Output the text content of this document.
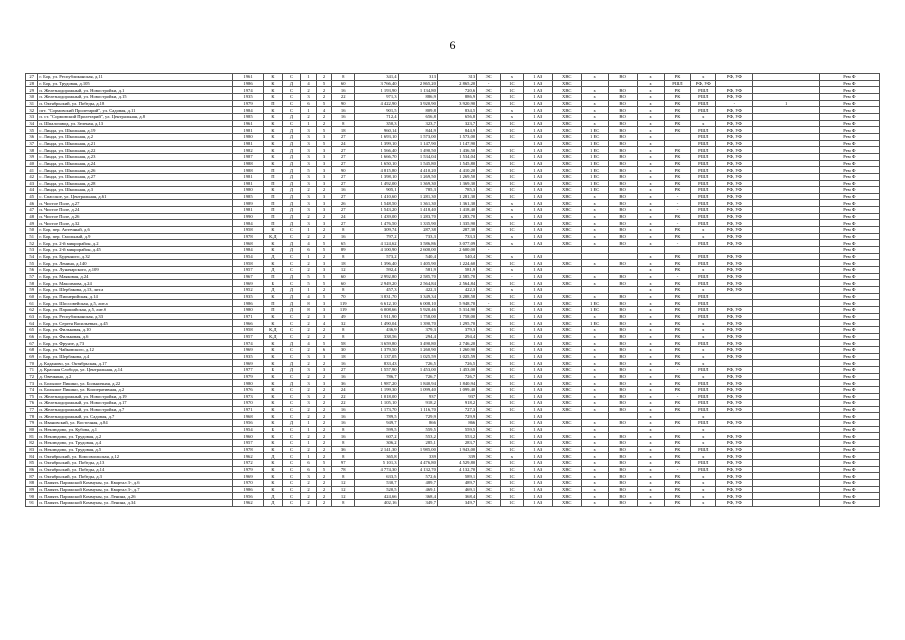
6
27	г. Бор, ул. Республиканская, д.11	1961	К	С	1	2	8	341,4	313	313	ЭС	х	1 АЗ	ХВС	х	ВО	х	РК	х	РФ, УФ		Рем Ф
28	г. Бор, ул. Трудовая, д.105	1986	К	Д	4	5	60	3 766,40	2 865,20	2 865,20	-	1С	1 АЗ	ХВС			х	РШЛ	РФ, УФ			Рем Ф
29	п. Железнодорожный, ул. Новостройки, д.1	1974	К	С	2	2	16	1 193,90	1 134,80	720,6	ЭС	1С	1 АЗ	ХВС	х	ВО	х	РК	РШЛ	РФ, УФ		Рем Ф
30	п. Железнодорожный, ул. Новостройки, д.15	1935	К	С	3	2	22	971,3	886,9	886,9	ЭС	1С	1 АЗ	ХВС	х	ВО	х	РК	РШЛ	РФ, УФ		Рем Ф
31	п. Октябрьский, ул. Победы, д.18	1979	П	С	6	5	90	4 422,90	3 920,90	3 920,90	ЭС	1С	1 АЗ	ХВС	х	ВО	х	РК	РШЛ	-	1	Рем Ф
32	пгт. "Сормовский Пролетарий", ул. Садовая, д.11	1984	К	С	1	4	16	901,5	809,8	834,5	ЭС	х	1 АЗ	ХВС	х	ВО	х	РК	РШЛ	РФ, УФ		Рем Ф
33	п. ст. "Сормовский Пролетарий", ул. Центральная, д.8	1985	К	Д	2	2	16	712,4	656,8	656,8	ЭС	х	1 АЗ	ХВС	х	ВО	х	РК	х	РФ, УФ		Рем Ф
34	п. Шпалозавод, ул. Зеленая, д.13	1961	К	С	1	2	8	350,3	323,7	323,7	ЭС	1С	1 АЗ	ХВС	х	ВО	х	РК	х	РФ, УФ		Рем Ф
35	с. Линда, ул. Школьная, д.19	1981	К	Д	3	5	18	960,14	844,9	844,9	ЭС	1С	1 АЗ	ХВС	1 ЕС	ВО	х	РК	РШЛ	РФ, УФ		Рем Ф
36	с. Линда, ул. Школьная, д.2	1980	К	Д	3	3	27	1 693,10	1 573,00	1 573,00	ЭС	1С	1 АЗ	ХВС	1 ЕС	ВО	х		РШЛ	РФ, УФ		Рем Ф
37	с. Линда, ул. Школьная, д.21	1981	К	Д	3	5	24	1 399,10	1 147,90	1 147,90	ЭС		1 АЗ	ХВС	1 ЕС	ВО	х		РШЛ	РФ, УФ		Рем Ф
38	с. Линда, ул. Школьная, д.22	1982	К	Д	3	3	27	1 566,40	1 490,50	1 436,50	ЭС	1С	1 АЗ	ХВС	1 ЕС	ВО	х	РК	РШЛ	РФ, УФ		Рем Ф
39	с. Линда, ул. Школьная, д.23	1987	К	Д	3	3	27	1 666,70	1 534,04	1 534,04	ЭС	1С	1 АЗ	ХВС	1 ЕС	ВО	х	РК	РШЛ	РФ, УФ		Рем Ф
40	с. Линда, ул. Школьная, д.24	1988	К	Д	3	3	27	1 650,10	1 545,80	1 545,80	ЭС	1С	1 АЗ	ХВС	1 ЕС	ВО	х	РК	РШЛ	РФ, УФ		Рем Ф
41	с. Линда, ул. Школьная, д.26	1988	П	Д	5	3	90	4 815,80	4 410,20	4 410,20	ЭС	1С	1 АЗ	ХВС	1 ЕС	ВО	х	РК	РШЛ	РФ, УФ		Рем Ф
42	с. Линда, ул. Школьная, д.27	1981	П	Д	3	3	27	1 398,10	1 269,50	1 269,50	ЭС	1С	1 АЗ	ХВС	1 ЕС	ВО	х	РК	РШЛ	РФ, УФ		Рем Ф
43	с. Линда, ул. Школьная, д.28	1981	П	Д	3	3	27	1 492,00	1 369,30	1 369,30	ЭС	1С	1 АЗ	ХВС	1 ЕС	ВО	х	РК	РШЛ	РФ, УФ		Рем Ф
44	с. Линда, ул. Школьная, д.3	1980	К	Д	2	2	16	905,1	785,3	785,3	ЭС	1С	1 АЗ	ХВС	1 ЕС	ВО	х	РК	РШЛ	РФ, УФ		Рем Ф
45	с. Спасское, ул. Центральная, д.61	1985	П	Д	3	3	27	1 410,60	1 281,30	1 281,30	ЭС	1С	1 АЗ	ХВС	х	ВО	х	-	РШЛ	РФ, УФ		Рем Ф
46	п. Чистое Поле, д.27	1989	П	Д	3	3	26	1 548,50	1 361,30	1 361,30	ЭС	х	1 АЗ	ХВС	х	ВО	х	-	РШЛ	РФ, УФ		Рем Ф
47	п. Чистое Поле, д.24	1981	П	Д	3	3	27	1 543,20	1 418,40	1 418,40	ЭС	х	1 АЗ	ХВС	х	ВО	х	-	РШЛ	РФ, УФ		Рем Ф
48	п. Чистое Поле, д.26	1990	П	Д	2	2	24	1 439,00	1 283,70	1 283,70	ЭС	х	1 АЗ	ХВС	х	ВО	х	РК	РШЛ	РФ, УФ		Рем Ф
49	п. Чистое Поле, д.32	1984	П	Д	3	3	27	1 476,50	1 335,90	1 335,90	ЭС	1С	1 АЗ	ХВС	х	ВО	х	-	РШЛ	РФ, УФ		Рем Ф
50	г. Бор, пер. Аптечный, д.6	1958	К	С	1	2	8	309,74	287,38	287,38	ЭС	1С	1 АЗ	ХВС	х	ВО	х	РК	х	РФ, УФ		Рем Ф
51	г. Бор, пер. Смольный, д.9	1978	К,Д	С	2	2	16	797,2	733,3	733,3	ЭС	х	1 АЗ	ХВС	х	ВО	х	РК	х	РФ, УФ		Рем Ф
52	г. Бор, ул. 2-й микрорайон, д.2	1968	К	Д	4	5	65	4 124,62	3 586,86	3 077,09	ЭС	х	1 АЗ	ХВС	х	ВО	х	-	РШЛ	РФ, УФ		Рем Ф
53	г. Бор, ул. 2-й микрорайон, д.45	1984	К	Д	6	5	89	4 100,90	2 600,00	2 600,00	-											Рем Ф
54	г. Бор, ул. Буденного, д.32	1954	Д	С	1	2	8	573,2	540,4	540,4	ЭС	х	1 АЗ				х	РК	РШЛ	РФ, УФ		Рем Ф
55	г. Бор, ул. Ленина, д.140	1958	К	С	2	3	18	1 396,40	1 405,90	1 224,60	ЭС	1С	1 АЗ	ХВС	х	ВО	х	РК	РШЛ	РФ, УФ		Рем Ф
56	г. Бор, ул. Луначарского, д.109	1957	Д	С	2	3	12	592,4	581,9	581,9	ЭС	х	1 АЗ				х	РК	х	РФ, УФ		Рем Ф
57	г. Бор, ул. Маяковая, д.24	1967	П	Д	5	5	60	2 992,80	2 585,70	2 585,70	ЭС	-	1 АЗ	ХВС	х	ВО	х	-	РШЛ	РФ, УФ		Рем Ф
58	г. Бор, ул. Максимова, д.24	1969	Б	С	5	5	60	2 949,20	2 564,84	2 564,84	ЭС	1С	1 АЗ	ХВС	х	ВО	х	РК	РШЛ	РФ, УФ		Рем Ф
59	г. Бор, ул. Шербакова, д.13, лит.а	1952	Д	Д	1	2	8	457,3	422,3	422,3	ЭС	х	1 АЗ				х	РК	х	РФ, УФ		Рем Ф
60	г. Бор, ул. Пионерийская, д.14	1935	К	Д	4	5	70	3 831,70	3 349,34	3 288,58	ЭС	1С	1 АЗ	ХВС	х	ВО	х	РК	РШЛ			Рем Ф
61	г. Бор, ул. Шоссовейская, д.5, лит.а	1986	П	Д	8	3	119	6 612,10	6 008,10	5 948,70	-	1С	1 АЗ	ХВС	1 ЕС	ВО	х	РК	РШЛ			Рем Ф
62	г. Бор, ул. Парашийская, д.5, лит.б	1980	П	Д	8	3	119	6 008,66	5 920,46	5 314,90	ЭС	1С	1 АЗ	ХВС	1 ЕС	ВО	х	РК	РШЛ	РФ, УФ		Рем Ф
63	г. Бор, ул. Республиканская, д.33	1971	К	С	2	3	49	1 911,90	1 758,00	1 758,00	ЭС	1С	1 АЗ	ХВС	х	ВО	х	РК	РШЛ	РФ, УФ		Рем Ф
64	г. Бор, ул. Сергея Васильевых, д.45	1966	К	С	2	4	32	1 490,04	1 390,70	1 295,70	ЭС	1С	1 АЗ	ХВС	1 ЕС	ВО	х	РК	х	РФ, УФ		Рем Ф
65	г. Бор, ул. Фильковая, д.10	1958	К,Д	С	2	2	8	436,9	379,3	379,3	ЭС	1С	1 АЗ	ХВС	х	ВО	х	РК	х	РФ, УФ		Рем Ф
66	г. Бор, ул. Фильковая, д.6	1957	К,Д	С	2	2	8	338,56	294,4	294,4	ЭС	1С	1 АЗ	ХВС	х	ВО	х	РК	х	РФ, УФ		Рем Ф
67	г. Бор, ул. Фрунзе, д.73	1974	К	Д	4	5	58	3 659,80	3 490,80	2 746,20	ЭС	1С	1 АЗ	ХВС	х	ВО	х	РК	РШЛ	РФ, УФ		Рем Ф
68	г. Бор, ул. Чайковского, д.12	1969	К	С	2	6	30	1 379,50	1 260,90	1 260,90	ЭС	1С	1 АЗ	ХВС	х	ВО	х	РК	х	РФ, УФ		Рем Ф
69	г. Бор, ул. Шербакова, д.4	1935	К	С	3	3	18	1 137,05	1 025,59	1 025,59	ЭС	1С	1 АЗ	ХВС	х	ВО	х	РК	х	РФ, УФ		Рем Ф
70	д. Каданово, ул. Октябрьская, д.17	1969	К	Д	2	2	16	833,43	726,5	726,5	ЭС	1С	1 АЗ	ХВС	х	ВО	х	РК	х			Рем Ф
71	д. Красная Слобода, ул. Центральная, д.14	1977	Б	Д	3	3	27	1 557,90	1 453,00	1 453,00	ЭС	1С	1 АЗ	ХВС	х	ВО	х	-	РШЛ	РФ, УФ		Рем Ф
72	д. Овечкино, д.2	1979	К	С	2	2	16	786,7	726,7	726,7	ЭС	1С	1 АЗ	ХВС	х	ВО	х	РК	х	РФ, УФ		Рем Ф
73	п. Большое Пикино, ул. Больничная, д.22	1980	К	Д	3	3	36	1 987,20	1 840,94	1 840,94	ЭС	1С	1 АЗ	ХВС	х	ВО	х	РК	РШЛ	РФ, УФ		Рем Ф
74	п. Большое Пикино, ул. Кооперативная, д.2	1976	К	С	2	2	24	1 199,30	1 099,40	1 099,40	ЭС	1С	1 АЗ	ХВС	х	ВО	х	РК	РШЛ	РФ, УФ		Рем Ф
75	п. Железнодорожный, ул. Новостройки, д.19	1973	К	С	3	2	22	1 018,00	937	937	ЭС	1С	1 АЗ	ХВС	х	ВО	х	-	РШЛ	РФ, УФ		Рем Ф
76	п. Железнодорожный, ул. Новостройки, д.17	1970	К	С	3	2	22	1 105,10	918,2	918,2	ЭС	1С	1 АЗ	ХВС	х	ВО	х	РК	РШЛ	РФ, УФ		Рем Ф
77	п. Железнодорожный, ул. Новостройки, д.7	1971	К	С	2	2	16	1 173,70	1 116,70	727,3	ЭС	1С	1 АЗ	ХВС	х	ВО	х	РК	РШЛ	РФ, УФ		Рем Ф
78	п. Железнодорожный, ул. Садовая, д.7	1968	К	С	2	2	16	789,5	729,9	729,9	ЭС		1 АЗ				х		х			Рем Ф
79	п. Ивановский, ул. Восточная, д.84	1956	К	Д	1	2	16	949,7	866	866	ЭС	1С	1 АЗ	ХВС	х	ВО	х	РК	РШЛ	РФ, УФ		Рем Ф
80	п. Неклюдово, ул. Кубова, д.1	1954	Б	С	1	2	8	599,5	559,5	559,5	ЭС	1С	1 АЗ		х		х		х			Рем Ф
81	п. Неклюдово, ул. Трудовая, д.2	1960	К	С	2	2	16	607,2	553,2	553,2	ЭС	1С	1 АЗ	ХВС	х	ВО	х	РК	х	РФ, УФ		Рем Ф
82	п. Неклюдово, ул. Трудовая, д.4	1957	К	С	1	2	8	306,2	285,1	283,7	ЭС	1С	1 АЗ	ХВС	х	ВО	х	РК	х	РФ, УФ		Рем Ф
83	п. Неклюдово, ул. Трудовая, д.5	1978	К	С	2	2	36	2 141,30	1 985,00	1 943,00	ЭС	1С	1 АЗ	ХВС	х	ВО	х	РК	РШЛ	РФ, УФ		Рем Ф
84	п. Октябрьский, ул. Комсомольская, д.12	1962	Д	С	1	2	8	365,8	339	339	ЭС	х	1 АЗ	ХВС	х	ВО	х	РК	х	РФ, УФ		Рем Ф
85	п. Октябрьский, ул. Победы, д.13	1972	К	С	6	5	97	5 101,3	4 476,80	4 529,80	ЭС	1С	1 АЗ	ХВС	х	ВО	х	РК	РШЛ	РФ, УФ		Рем Ф
86	п. Октябрьский, ул. Победы, д.14	1979	К	С	6	5	78	4 774,30	4 132,70	4 132,70	ЭС	1С	1 АЗ	ХВС	х	ВО	х	-	РШЛ	РФ, УФ		Рем Ф
87	п. Октябрьский, ул. Победы, д.3	1969	К	С	3	2	8	633,5	572,6	589,1	ЭС	1С	1 АЗ	ХВС	х	ВО	х	РК	х	РФ, УФ		Рем Ф
88	п. Память Парижской Коммуны, ул. Квартал 3-, д.6	1970	К	С	2	2	12	530,7	489,7	489,7	ЭС	1С	1 АЗ	ХВС	х	ВО	х	РК	х	РФ, УФ		Рем Ф
89	п. Память Парижской Коммуны, ул. Квартал 3-, д.7	1986	К	С	2	2	12	520,5	469,1	469,1	ЭС	1С	1 АЗ	ХВС	х	ВО	х	РК	х	РФ, УФ		Рем Ф
90	п. Память Парижской Коммуны, ул. Ленина, д.26	1956	Д	С	2	2	12	424,66	368,4	368,4	ЭС	1С	1 АЗ	ХВС	х	ВО	х	РК	х	РФ, УФ		Рем Ф
91	п. Память Парижской Коммуны, ул. Ленина, д.34	1962	Д	С	2	2	8	402,16	349,7	349,7	ЭС	1С	1 АЗ	ХВС	х	ВО	х	РК	х	РФ, УФ		Рем Ф
